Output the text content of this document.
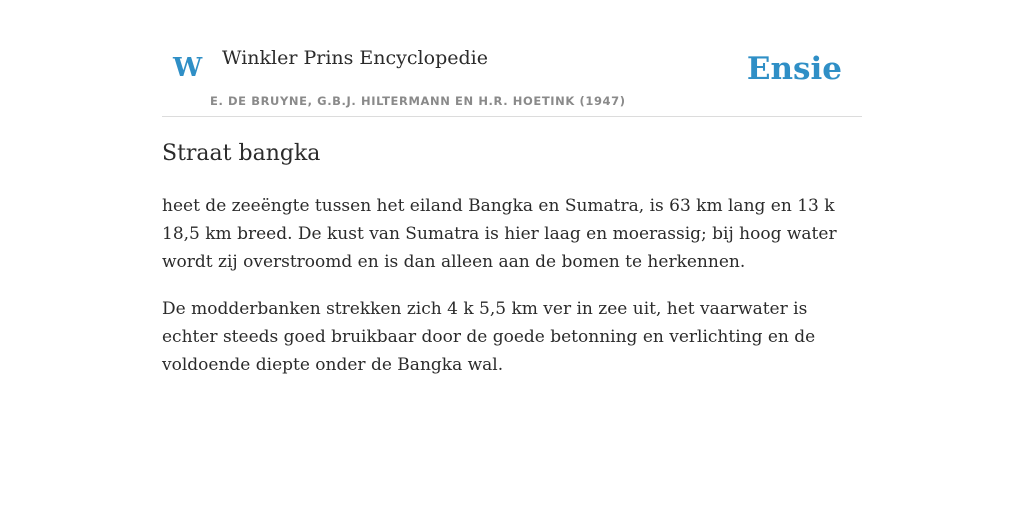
W Winkler Prins Encyclopedie
E. DE BRUYNE, G.B.J. HILTERMANN EN H.R. HOETINK (1947)
Ensie
Straat bangka

heet de zeeëngte tussen het eiland Bangka en Sumatra, is 63 km lang en 13 k 18,5 km breed. De kust van Sumatra is hier laag en moerassig; bij hoog water wordt zij overstroomd en is dan alleen aan de bomen te herkennen.

De modderbanken strekken zich 4 k 5,5 km ver in zee uit, het vaarwater is echter steeds goed bruikbaar door de goede betonning en verlichting en de voldoende diepte onder de Bangka wal.
